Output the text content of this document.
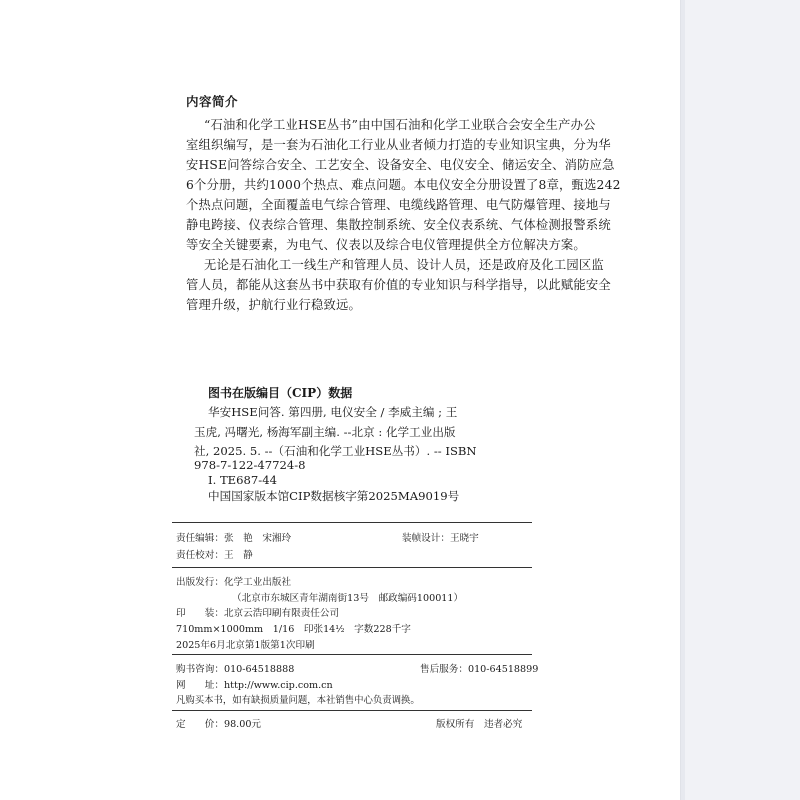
内容简介
“石油和化学工业HSE丛书”由中国石油和化学工业联合会安全生产办公
室组织编写，是一套为石油化工行业从业者倾力打造的专业知识宝典，分为华
安HSE问答综合安全、工艺安全、设备安全、电仪安全、储运安全、消防应急
6个分册，共约1000个热点、难点问题。本电仪安全分册设置了8章，甄选242
个热点问题，全面覆盖电气综合管理、电缆线路管理、电气防爆管理、接地与
静电跨接、仪表综合管理、集散控制系统、安全仪表系统、气体检测报警系统
等安全关键要素，为电气、仪表以及综合电仪管理提供全方位解决方案。
无论是石油化工一线生产和管理人员、设计人员，还是政府及化工园区监
管人员，都能从这套丛书中获取有价值的专业知识与科学指导，以此赋能安全
管理升级，护航行业行稳致远。
图书在版编目（CIP）数据
华安HSE问答. 第四册, 电仪安全 / 李威主编 ; 王
玉虎, 冯曙光, 杨海军副主编. --北京 : 化学工业出版
社, 2025. 5. --（石油和化学工业HSE丛书）. -- ISBN
978-7-122-47724-8
Ⅰ. TE687-44
中国国家版本馆CIP数据核字第2025MA9019号
责任编辑：张　艳　宋湘玲	装帧设计：王晓宇
责任校对：王　静
出版发行：化学工业出版社
（北京市东城区青年湖南街13号　邮政编码100011）
印　　装：北京云浩印刷有限责任公司
710mm×1000mm　1/16　印张14½　字数228千字
2025年6月北京第1版第1次印刷
购书咨询：010-64518888	售后服务：010-64518899
网　　址：http://www.cip.com.cn
凡购买本书，如有缺损质量问题，本社销售中心负责调换。
定　　价：98.00元	版权所有　违者必究
